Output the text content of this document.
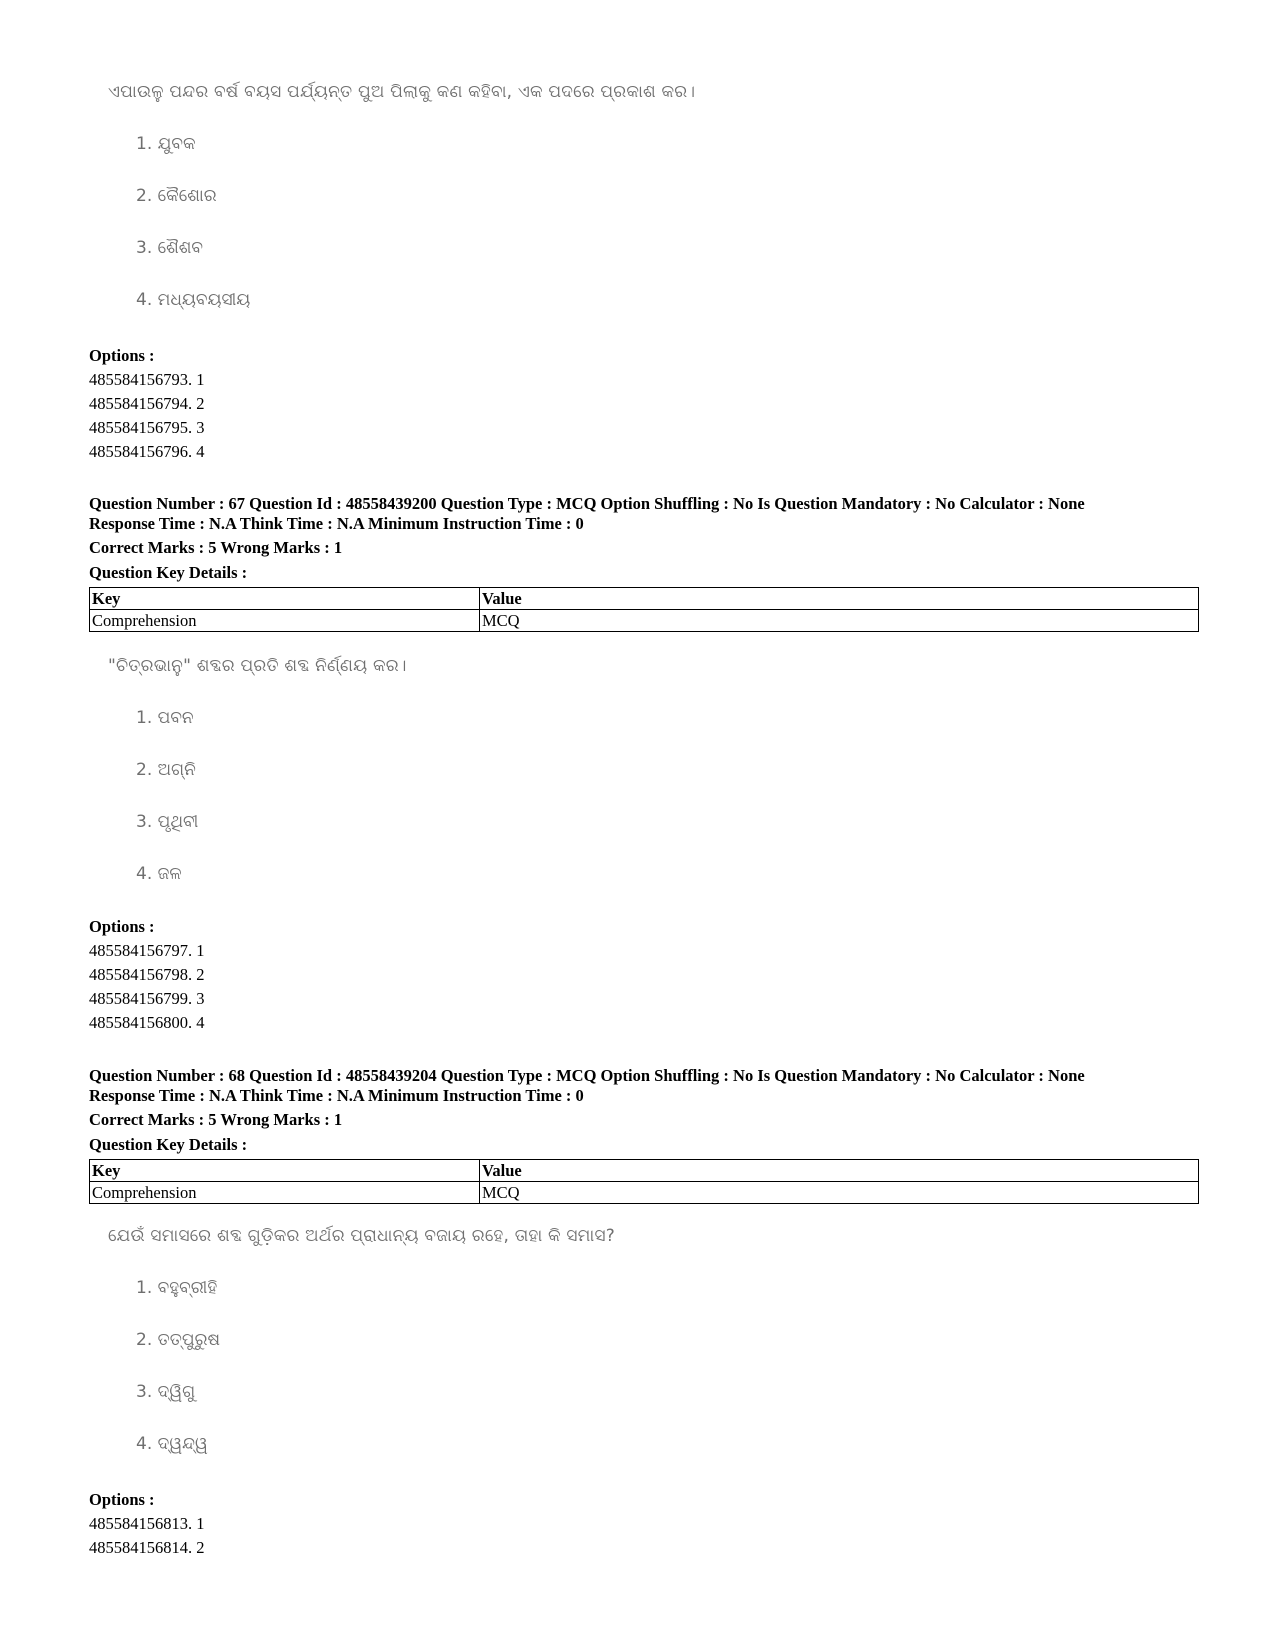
ଏପାଉଳୁ ପନ୍ଦର ବର୍ଷ ବୟସ ପର୍ଯ୍ୟନ୍ତ ପୁଅ ପିଲାକୁ କଣ କହିବା, ଏକ ପଦରେ ପ୍ରକାଶ କର।
1. ଯୁବକ
2. କୈଶୋର
3. ଶୈଶବ
4. ମଧ୍ୟବୟସୀୟ
Options :
485584156793. 1
485584156794. 2
485584156795. 3
485584156796. 4
Question Number : 67 Question Id : 48558439200 Question Type : MCQ Option Shuffling : No Is Question Mandatory : No Calculator : None
Response Time : N.A Think Time : N.A Minimum Instruction Time : 0
Correct Marks : 5 Wrong Marks : 1
Question Key Details :
Key	Value
Comprehension	MCQ
"ଚିତ୍ରଭାନୁ" ଶବ୍ଦର ପ୍ରତି ଶବ୍ଦ ନିର୍ଣ୍ଣୟ କର।
1. ପବନ
2. ଅଗ୍ନି
3. ପୃଥିବୀ
4. ଜଳ
Options :
485584156797. 1
485584156798. 2
485584156799. 3
485584156800. 4
Question Number : 68 Question Id : 48558439204 Question Type : MCQ Option Shuffling : No Is Question Mandatory : No Calculator : None
Response Time : N.A Think Time : N.A Minimum Instruction Time : 0
Correct Marks : 5 Wrong Marks : 1
Question Key Details :
Key	Value
Comprehension	MCQ
ଯେଉଁ ସମାସରେ ଶବ୍ଦ ଗୁଡ଼ିକର ଅର୍ଥର ପ୍ରାଧାନ୍ୟ ବଜାୟ ରହେ, ତାହା କି ସମାସ?
1. ବହୁବ୍ରୀହି
2. ତତ୍ପୁରୁଷ
3. ଦ୍ୱିଗୁ
4. ଦ୍ୱନ୍ଦ୍ୱ
Options :
485584156813. 1
485584156814. 2
